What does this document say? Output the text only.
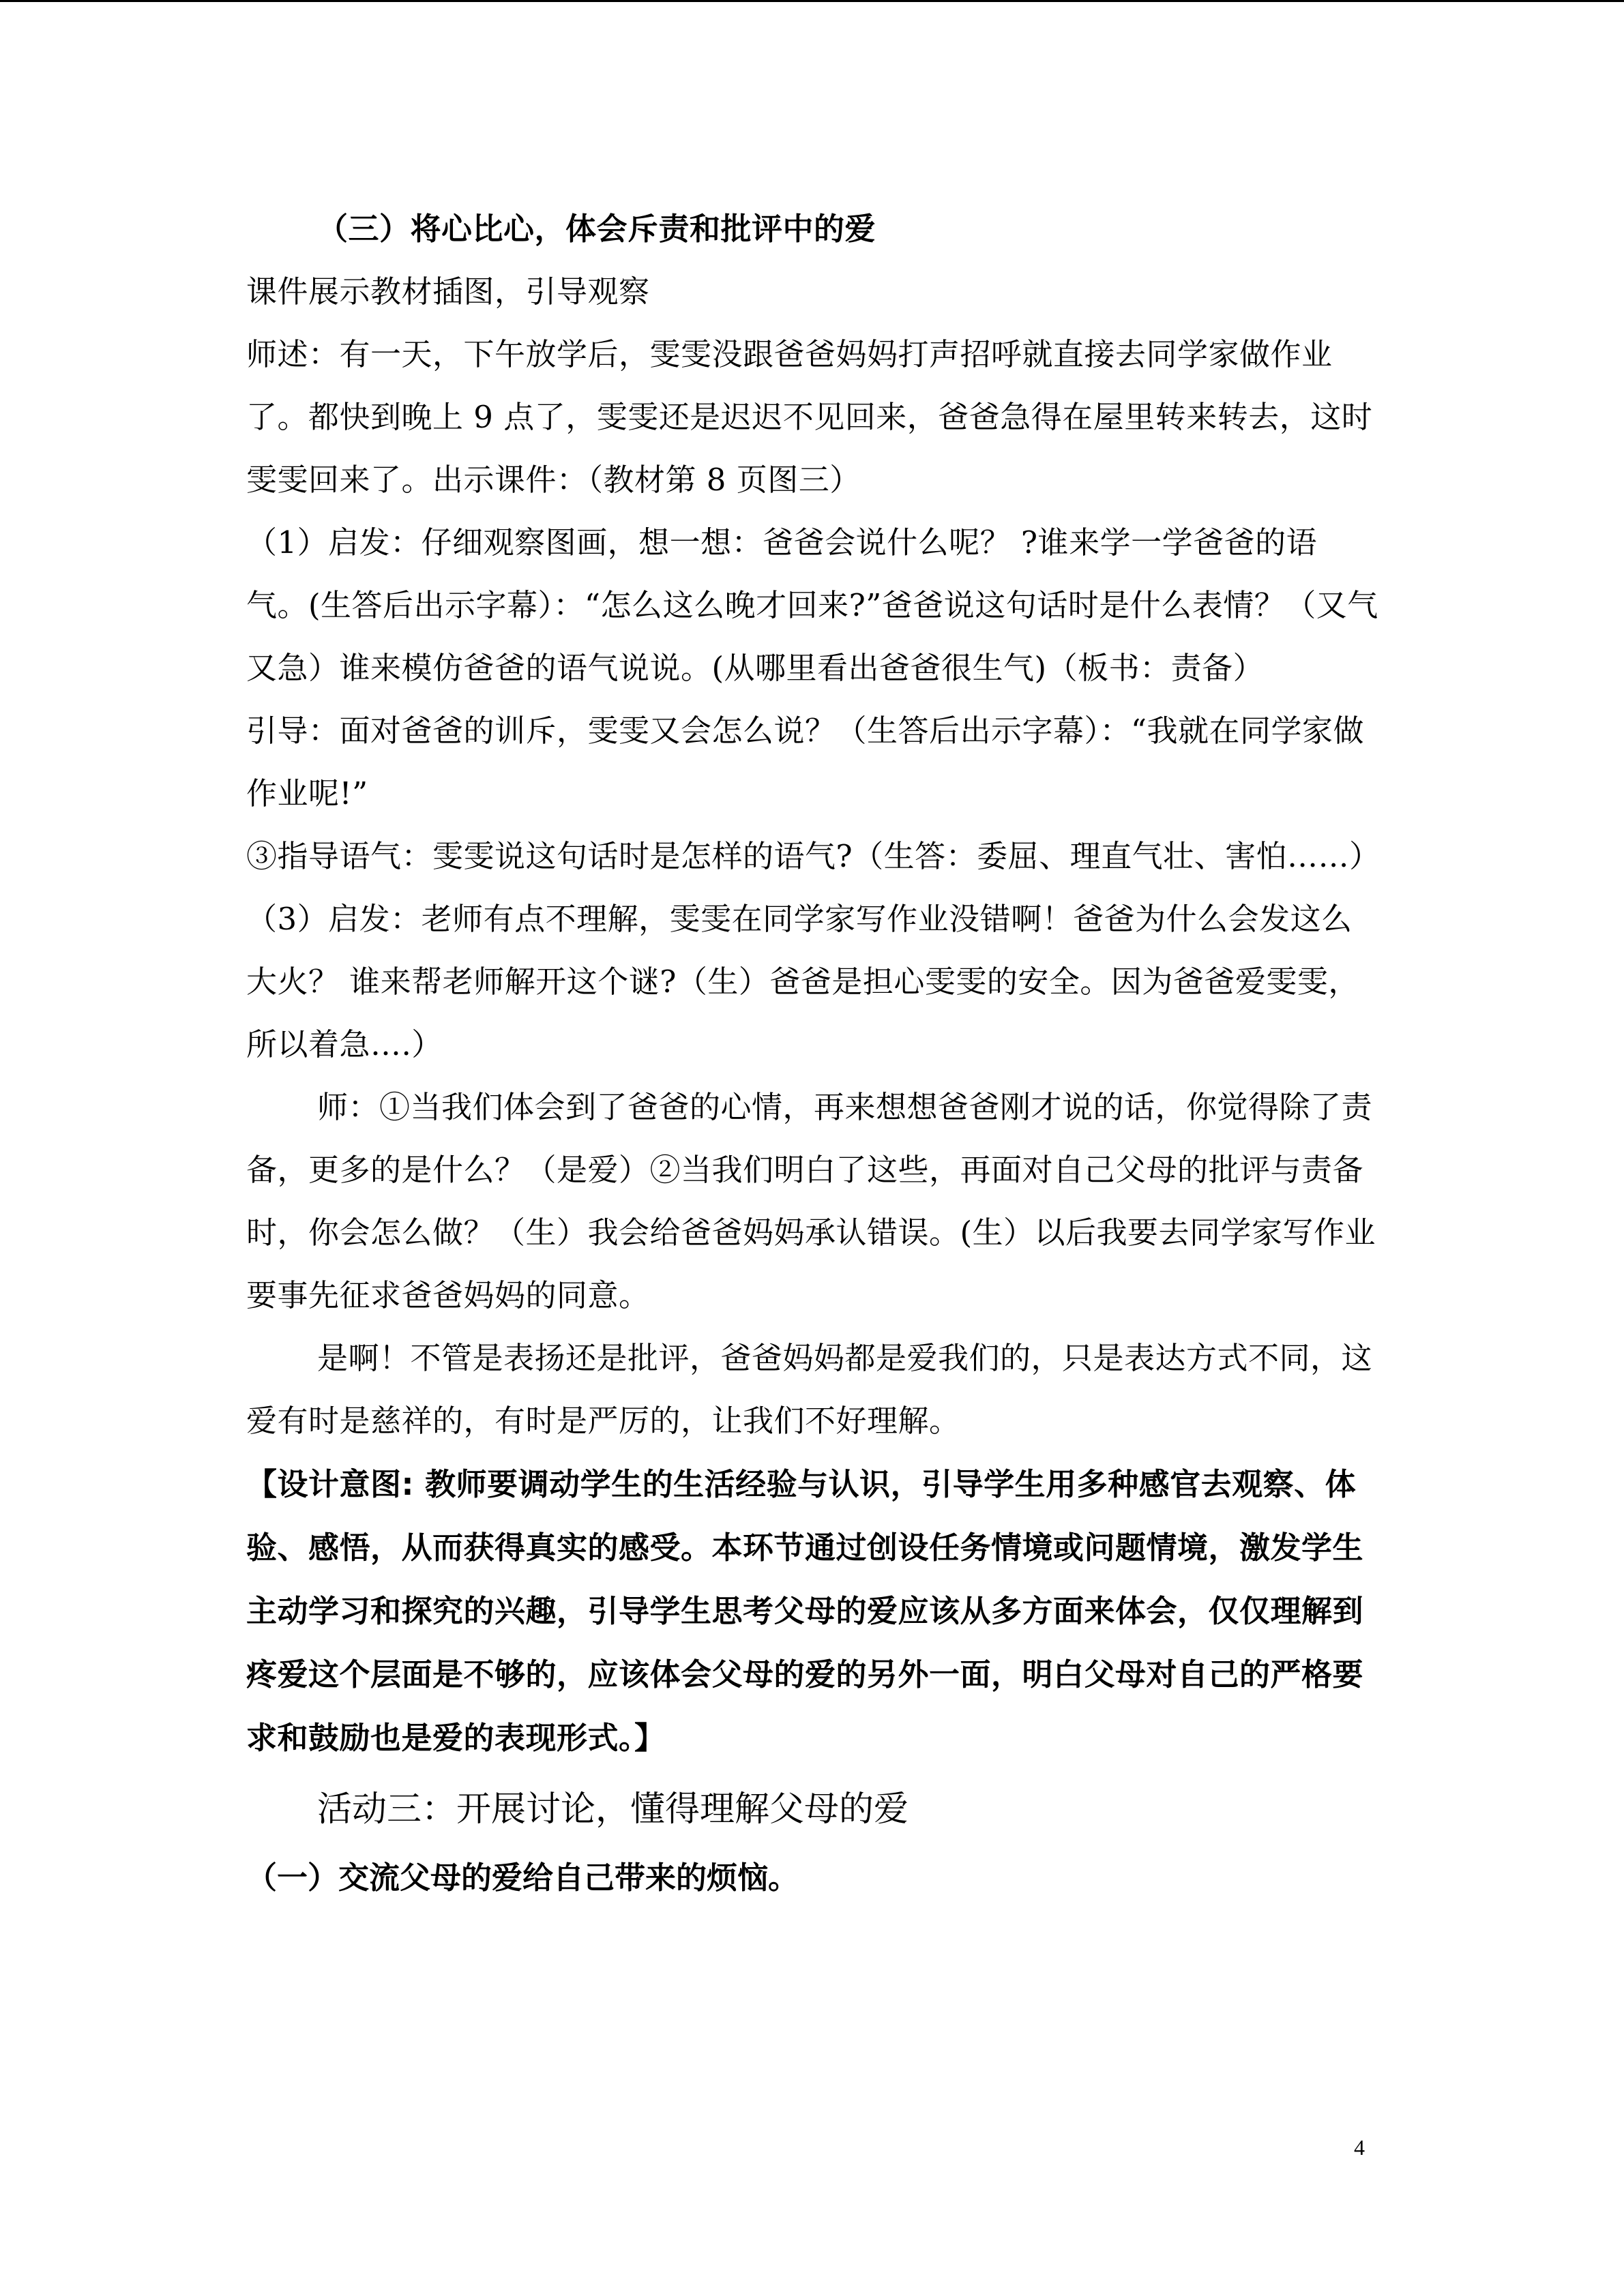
（三）将心比心，体会斥责和批评中的爱

课件展示教材插图，引导观察

师述：有一天，下午放学后，雯雯没跟爸爸妈妈打声招呼就直接去同学家做作业了。都快到晚上 9 点了，雯雯还是迟迟不见回来，爸爸急得在屋里转来转去，这时雯雯回来了。出示课件：（教材第 8 页图三）

（1）启发：仔细观察图画，想一想：爸爸会说什么呢？ ?谁来学一学爸爸的语气。(生答后出示字幕）：“怎么这么晚才回来?”爸爸说这句话时是什么表情？（又气又急）谁来模仿爸爸的语气说说。(从哪里看出爸爸很生气)（板书：责备）

引导：面对爸爸的训斥，雯雯又会怎么说？（生答后出示字幕）：“我就在同学家做作业呢!”

③指导语气：雯雯说这句话时是怎样的语气?（生答：委屈、理直气壮、害怕……）

（3）启发：老师有点不理解，雯雯在同学家写作业没错啊！爸爸为什么会发这么大火？ 谁来帮老师解开这个谜?（生）爸爸是担心雯雯的安全。因为爸爸爱雯雯，所以着急….）

师：①当我们体会到了爸爸的心情，再来想想爸爸刚才说的话，你觉得除了责备，更多的是什么？（是爱）②当我们明白了这些，再面对自己父母的批评与责备时，你会怎么做？（生）我会给爸爸妈妈承认错误。(生）以后我要去同学家写作业要事先征求爸爸妈妈的同意。

是啊！不管是表扬还是批评，爸爸妈妈都是爱我们的，只是表达方式不同，这爱有时是慈祥的，有时是严厉的，让我们不好理解。

【设计意图: 教师要调动学生的生活经验与认识，引导学生用多种感官去观察、体验、感悟，从而获得真实的感受。本环节通过创设任务情境或问题情境，激发学生主动学习和探究的兴趣，引导学生思考父母的爱应该从多方面来体会，仅仅理解到疼爱这个层面是不够的，应该体会父母的爱的另外一面，明白父母对自己的严格要求和鼓励也是爱的表现形式。】

活动三：开展讨论，懂得理解父母的爱

（一）交流父母的爱给自己带来的烦恼。

4
